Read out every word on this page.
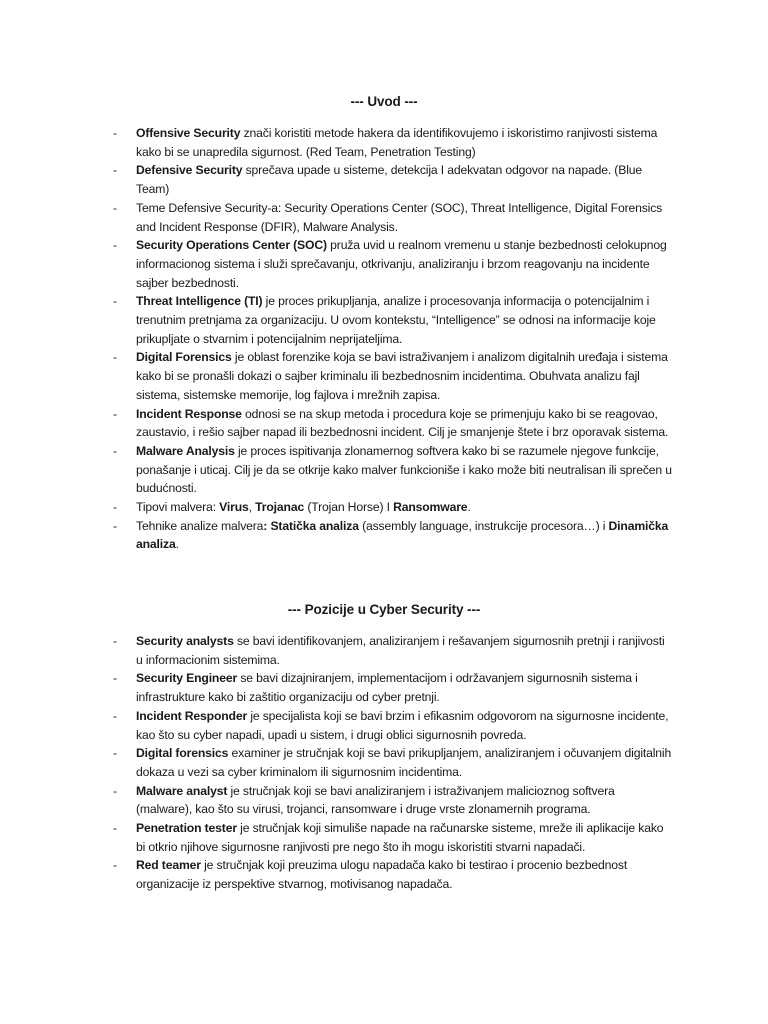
--- Uvod ---
- Offensive Security znači koristiti metode hakera da identifikovujemo i iskoristimo ranjivosti sistema kako bi se unapredila sigurnost. (Red Team, Penetration Testing)
- Defensive Security sprečava upade u sisteme, detekcija I adekvatan odgovor na napade. (Blue Team)
- Teme Defensive Security-a: Security Operations Center (SOC), Threat Intelligence, Digital Forensics and Incident Response (DFIR), Malware Analysis.
- Security Operations Center (SOC) pruža uvid u realnom vremenu u stanje bezbednosti celokupnog informacionog sistema i služi sprečavanju, otkrivanju, analiziranju i brzom reagovanju na incidente sajber bezbednosti.
- Threat Intelligence (TI) je proces prikupljanja, analize i procesovanja informacija o potencijalnim i trenutnim pretnjama za organizaciju. U ovom kontekstu, “Intelligence” se odnosi na informacije koje prikupljate o stvarnim i potencijalnim neprijateljima.
- Digital Forensics je oblast forenzike koja se bavi istraživanjem i analizom digitalnih uređaja i sistema kako bi se pronašli dokazi o sajber kriminalu ili bezbednosnim incidentima. Obuhvata analizu fajl sistema, sistemske memorije, log fajlova i mrežnih zapisa.
- Incident Response odnosi se na skup metoda i procedura koje se primenjuju kako bi se reagovao, zaustavio, i rešio sajber napad ili bezbednosni incident. Cilj je smanjenje štete i brz oporavak sistema.
- Malware Analysis je proces ispitivanja zlonamernog softvera kako bi se razumele njegove funkcije, ponašanje i uticaj. Cilj je da se otkrije kako malver funkcioniše i kako može biti neutralisan ili sprečen u budućnosti.
- Tipovi malvera: Virus, Trojanac (Trojan Horse) I Ransomware.
- Tehnike analize malvera: Statička analiza (assembly language, instrukcije procesora…) i Dinamička analiza.
--- Pozicije u Cyber Security ---
- Security analysts se bavi identifikovanjem, analiziranjem i rešavanjem sigurnosnih pretnji i ranjivosti u informacionim sistemima.
- Security Engineer se bavi dizajniranjem, implementacijom i održavanjem sigurnosnih sistema i infrastrukture kako bi zaštitio organizaciju od cyber pretnji.
- Incident Responder je specijalista koji se bavi brzim i efikasnim odgovorom na sigurnosne incidente, kao što su cyber napadi, upadi u sistem, i drugi oblici sigurnosnih povreda.
- Digital forensics examiner je stručnjak koji se bavi prikupljanjem, analiziranjem i očuvanjem digitalnih dokaza u vezi sa cyber kriminalom ili sigurnosnim incidentima.
- Malware analyst je stručnjak koji se bavi analiziranjem i istraživanjem malicioznog softvera (malware), kao što su virusi, trojanci, ransomware i druge vrste zlonamernih programa.
- Penetration tester je stručnjak koji simuliše napade na računarske sisteme, mreže ili aplikacije kako bi otkrio njihove sigurnosne ranjivosti pre nego što ih mogu iskoristiti stvarni napadači.
- Red teamer je stručnjak koji preuzima ulogu napadača kako bi testirao i procenio bezbednost organizacije iz perspektive stvarnog, motivisanog napadača.
